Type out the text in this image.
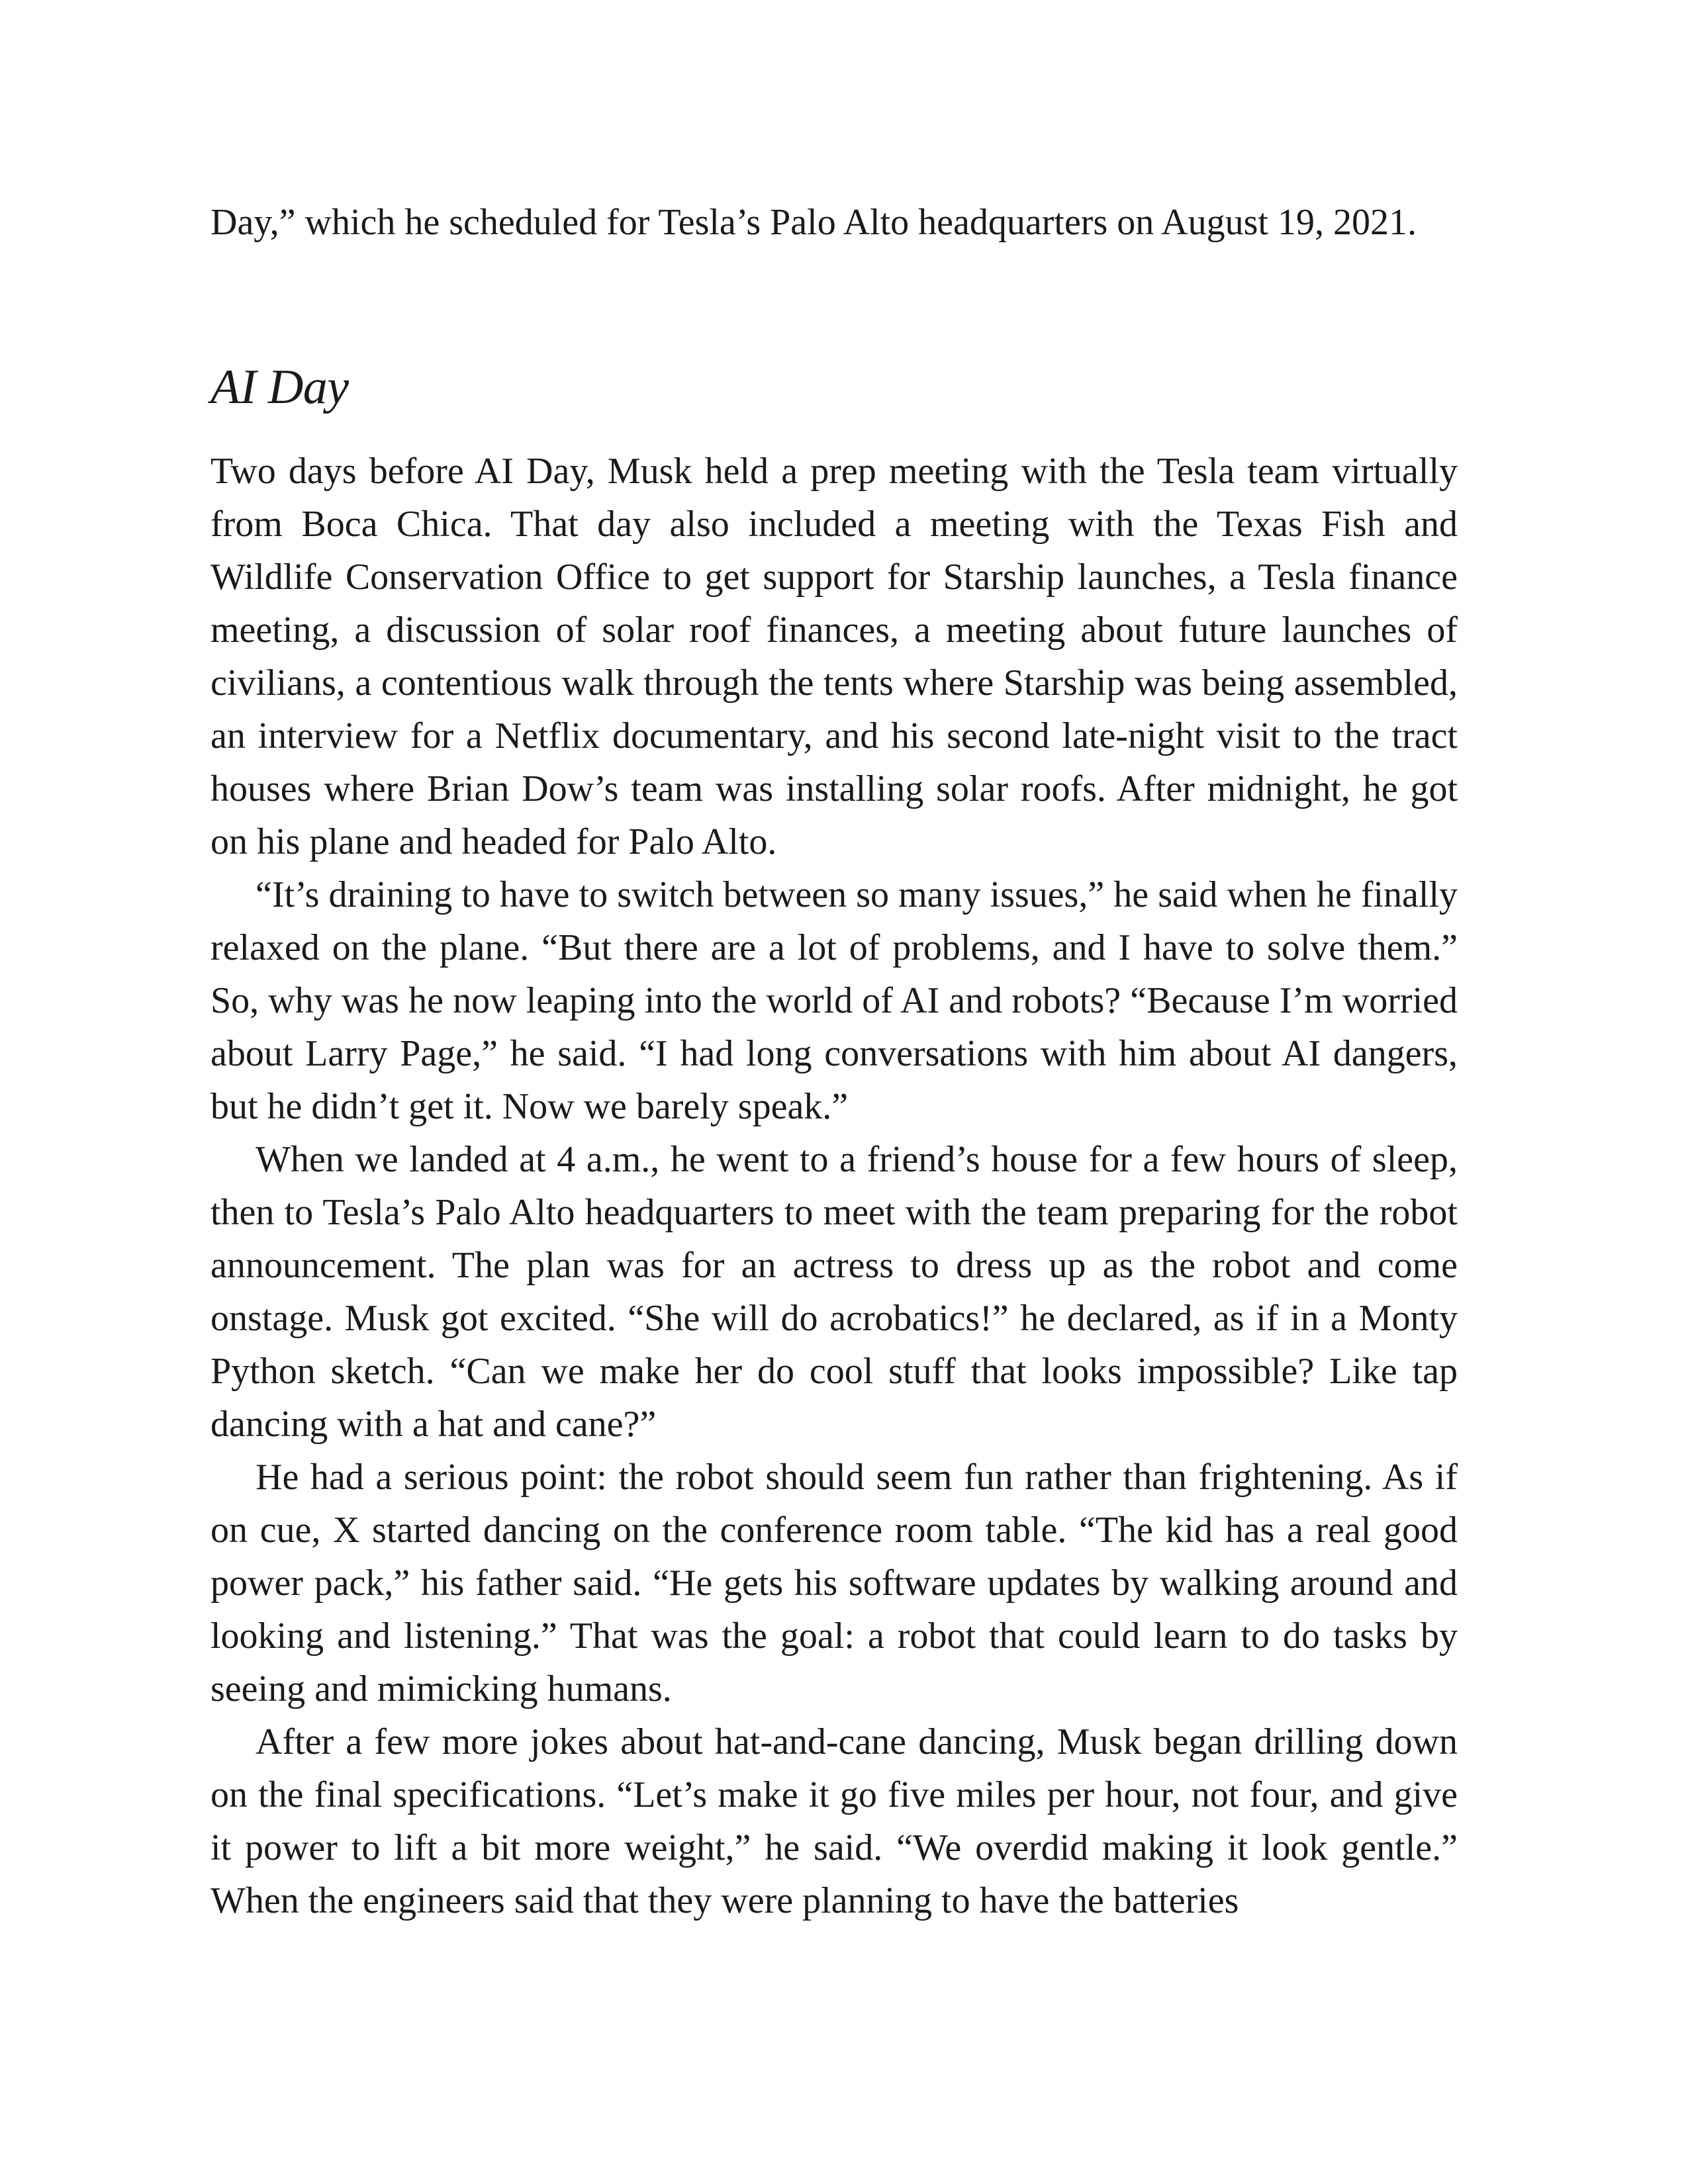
Day,” which he scheduled for Tesla’s Palo Alto headquarters on August 19, 2021.

AI Day

Two days before AI Day, Musk held a prep meeting with the Tesla team virtually from Boca Chica. That day also included a meeting with the Texas Fish and Wildlife Conservation Office to get support for Starship launches, a Tesla finance meeting, a discussion of solar roof finances, a meeting about future launches of civilians, a contentious walk through the tents where Starship was being assembled, an interview for a Netflix documentary, and his second late-night visit to the tract houses where Brian Dow’s team was installing solar roofs. After midnight, he got on his plane and headed for Palo Alto.

“It’s draining to have to switch between so many issues,” he said when he finally relaxed on the plane. “But there are a lot of problems, and I have to solve them.” So, why was he now leaping into the world of AI and robots? “Because I’m worried about Larry Page,” he said. “I had long conversations with him about AI dangers, but he didn’t get it. Now we barely speak.”

When we landed at 4 a.m., he went to a friend’s house for a few hours of sleep, then to Tesla’s Palo Alto headquarters to meet with the team preparing for the robot announcement. The plan was for an actress to dress up as the robot and come onstage. Musk got excited. “She will do acrobatics!” he declared, as if in a Monty Python sketch. “Can we make her do cool stuff that looks impossible? Like tap dancing with a hat and cane?”

He had a serious point: the robot should seem fun rather than frightening. As if on cue, X started dancing on the conference room table. “The kid has a real good power pack,” his father said. “He gets his software updates by walking around and looking and listening.” That was the goal: a robot that could learn to do tasks by seeing and mimicking humans.

After a few more jokes about hat-and-cane dancing, Musk began drilling down on the final specifications. “Let’s make it go five miles per hour, not four, and give it power to lift a bit more weight,” he said. “We overdid making it look gentle.” When the engineers said that they were planning to have the batteries
